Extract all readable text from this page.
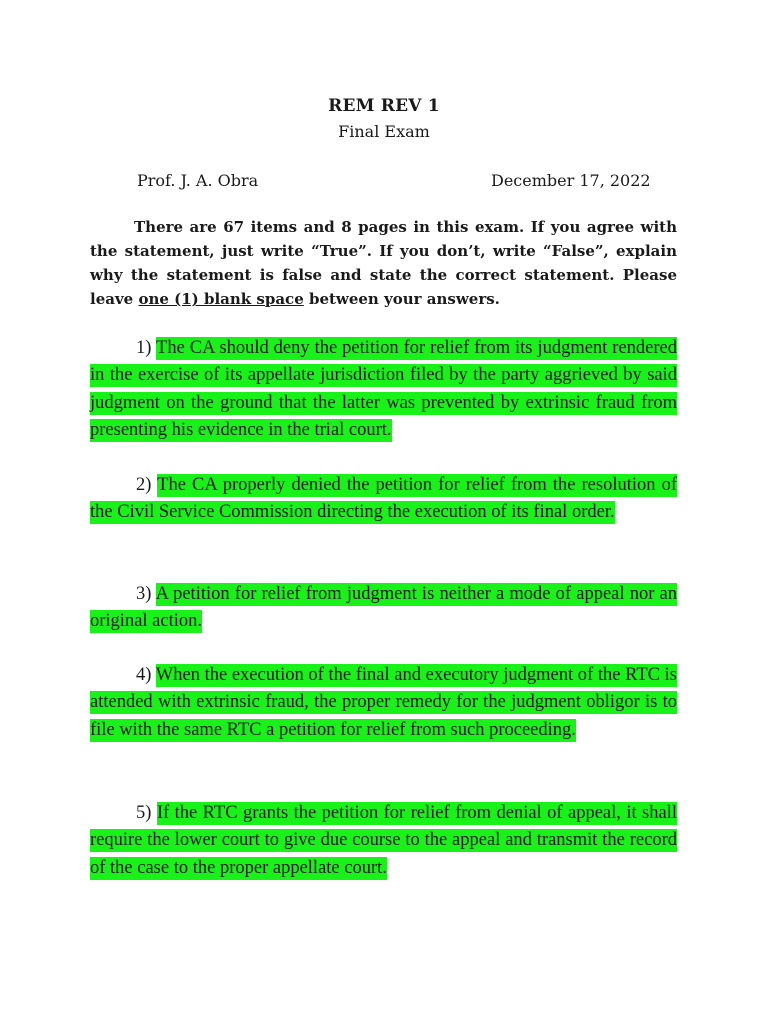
REM REV 1
Final Exam
Prof. J. A. Obra	December 17, 2022

There are 67 items and 8 pages in this exam. If you agree with the statement, just write “True”. If you don’t, write “False”, explain why the statement is false and state the correct statement. Please leave one (1) blank space between your answers.

1) The CA should deny the petition for relief from its judgment rendered in the exercise of its appellate jurisdiction filed by the party aggrieved by said judgment on the ground that the latter was prevented by extrinsic fraud from presenting his evidence in the trial court.

2) The CA properly denied the petition for relief from the resolution of the Civil Service Commission directing the execution of its final order.

3) A petition for relief from judgment is neither a mode of appeal nor an original action.

4) When the execution of the final and executory judgment of the RTC is attended with extrinsic fraud, the proper remedy for the judgment obligor is to file with the same RTC a petition for relief from such proceeding.

5) If the RTC grants the petition for relief from denial of appeal, it shall require the lower court to give due course to the appeal and transmit the record of the case to the proper appellate court.
